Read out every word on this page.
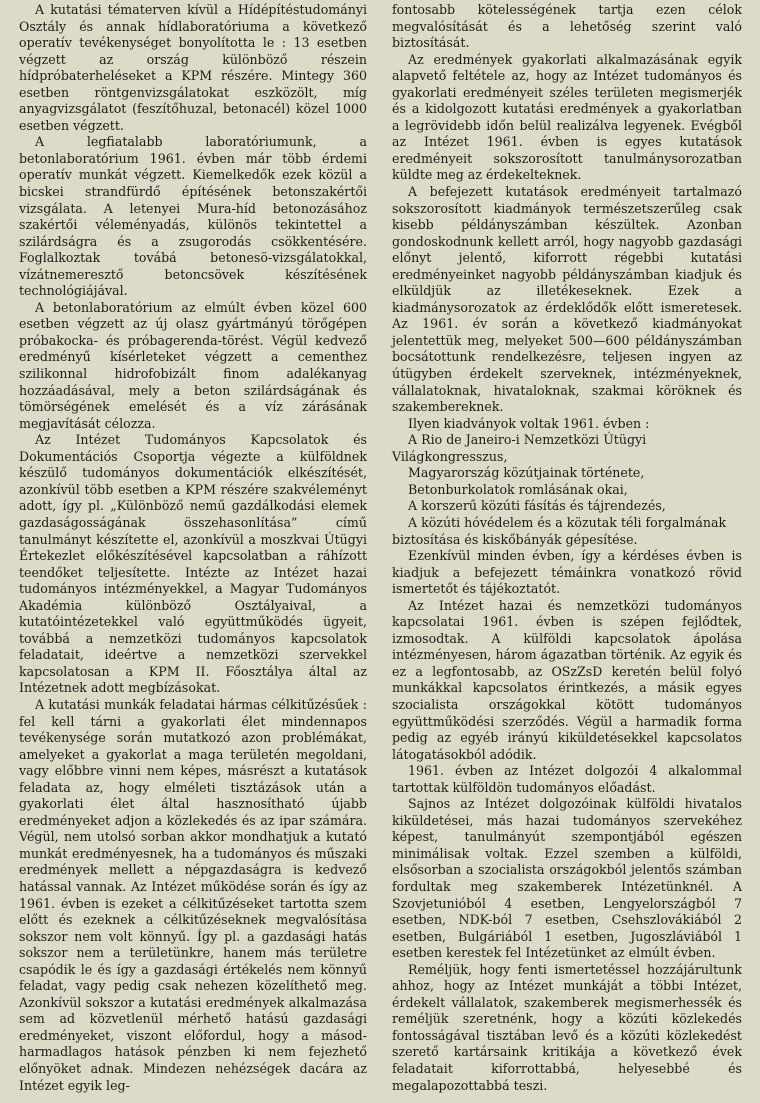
A kutatási tématerven kívül a Hídépítéstudományi Osztály és annak hídlaboratóriuma a következő operatív tevékenységet bonyolította le : 13 esetben végzett az ország különböző részein hídpróbaterheléseket a KPM részére. Mintegy 360 esetben röntgenvizsgálatokat eszközölt, míg anyagvizsgálatot (feszítőhuzal, betonacél) közel 1000 esetben végzett.

A legfiatalabb laboratóriumunk, a betonlaboratórium 1961. évben már több érdemi operatív munkát végzett. Kiemelkedők ezek közül a bicskei strandfürdő építésének betonszakértői vizsgálata. A letenyei Mura-híd betonozásához szakértői véleményadás, különös tekintettel a szilárdságra és a zsugorodás csökkentésére. Foglalkoztak továbá betonesö-vizsgálatokkal, vízátnemeresztő betoncsövek készítésének technológiájával.

A betonlaboratórium az elmúlt évben közel 600 esetben végzett az új olasz gyártmányú törőgépen próbakocka- és próbagerenda-törést. Végül kedvező eredményű kísérleteket végzett a cementhez szilikonnal hidrofobizált finom adalékanyag hozzáadásával, mely a beton szilárdságának és tömörségének emelését és a víz zárásának megjavítását célozza.

Az Intézet Tudományos Kapcsolatok és Dokumentációs Csoportja végezte a külföldnek készülő tudományos dokumentációk elkészítését, azonkívül több esetben a KPM részére szakvéleményt adott, így pl. „Különböző nemű gazdálkodási elemek gazdaságosságának összehasonlítása” című tanulmányt készítette el, azonkívül a moszkvai Útügyi Értekezlet előkészítésével kapcsolatban a ráhízott teendőket teljesítette. Intézte az Intézet hazai tudományos intézményekkel, a Magyar Tudományos Akadémia különböző Osztályaival, a kutatóintézetekkel való együttműködés ügyeit, továbbá a nemzetközi tudományos kapcsolatok feladatait, ideértve a nemzetközi szervekkel kapcsolatosan a KPM II. Főosztálya által az Intézetnek adott megbízásokat.

A kutatási munkák feladatai hármas célkitűzésűek : fel kell tárni a gyakorlati élet mindennapos tevékenysége során mutatkozó azon problémákat, amelyeket a gyakorlat a maga területén megoldani, vagy előbbre vinni nem képes, másrészt a kutatások feladata az, hogy elméleti tisztázások után a gyakorlati élet által hasznosítható újabb eredményeket adjon a közlekedés és az ipar számára. Végül, nem utolsó sorban akkor mondhatjuk a kutató munkát eredményesnek, ha a tudományos és műszaki eredmények mellett a népgazdaságra is kedvező hatással vannak. Az Intézet működése során és így az 1961. évben is ezeket a célkitűzéseket tartotta szem előtt és ezeknek a célkitűzéseknek megvalósítása sokszor nem volt könnyű. Így pl. a gazdasági hatás sokszor nem a területünkre, hanem más területre csapódik le és így a gazdasági értékelés nem könnyű feladat, vagy pedig csak nehezen közelíthető meg. Azonkívül sokszor a kutatási eredmények alkalmazása sem ad közvetlenül mérhető hatású gazdasági eredményeket, viszont előfordul, hogy a másod-harmadlagos hatások pénzben ki nem fejezhető előnyöket adnak. Mindezen nehézségek dacára az Intézet egyik leg-

fontosabb kötelességének tartja ezen célok megvalósítását és a lehetőség szerint való biztosítását.

Az eredmények gyakorlati alkalmazásának egyik alapvető feltétele az, hogy az Intézet tudományos és gyakorlati eredményeit széles területen megismerjék és a kidolgozott kutatási eredmények a gyakorlatban a legrövidebb időn belül realizálva legyenek. Evégből az Intézet 1961. évben is egyes kutatások eredményeit sokszorosított tanulmánysorozatban küldte meg az érdekelteknek.

A befejezett kutatások eredményeit tartalmazó sokszorosított kiadmányok természetszerűleg csak kisebb példányszámban készültek. Azonban gondoskodnunk kellett arról, hogy nagyobb gazdasági előnyt jelentő, kiforrott régebbi kutatási eredményeinket nagyobb példányszámban kiadjuk és elküldjük az illetékeseknek. Ezek a kiadmánysorozatok az érdeklődők előtt ismeretesek. Az 1961. év során a következő kiadmányokat jelentettük meg, melyeket 500—600 példányszámban bocsátottunk rendelkezésre, teljesen ingyen az útügyben érdekelt szerveknek, intézményeknek, vállalatoknak, hivataloknak, szakmai köröknek és szakembereknek.

Ilyen kiadványok voltak 1961. évben :

A Rio de Janeiro-i Nemzetközi Útügyi Világkongresszus,
Magyarország közútjainak története,
Betonburkolatok romlásának okai,
A korszerű közúti fásítás és tájrendezés,
A közúti hóvédelem és a közutak téli forgalmának biztosítása és kiskőbányák gépesítése.

Ezenkívül minden évben, így a kérdéses évben is kiadjuk a befejezett témáinkra vonatkozó rövid ismertetőt és tájékoztatót.

Az Intézet hazai és nemzetközi tudományos kapcsolatai 1961. évben is szépen fejlődtek, izmosodtak. A külföldi kapcsolatok ápolása intézményesen, három ágazatban történik. Az egyik és ez a legfontosabb, az OSzZsD keretén belül folyó munkákkal kapcsolatos érintkezés, a másik egyes szocialista országokkal kötött tudományos együttműködési szerződés. Végül a harmadik forma pedig az egyéb irányú kiküldetésekkel kapcsolatos látogatásokból adódik.

1961. évben az Intézet dolgozói 4 alkalommal tartottak külföldön tudományos előadást.

Sajnos az Intézet dolgozóinak külföldi hivatalos kiküldetései, más hazai tudományos szervekéhez képest, tanulmányút szempontjából egészen minimálisak voltak. Ezzel szemben a külföldi, elsősorban a szocialista országokból jelentős számban fordultak meg szakemberek Intézetünknél. A Szovjetunióból 4 esetben, Lengyelországból 7 esetben, NDK-ból 7 esetben, Csehszlovákiából 2 esetben, Bulgáriából 1 esetben, Jugoszláviából 1 esetben kerestek fel Intézetünket az elmúlt évben.

Reméljük, hogy fenti ismertetéssel hozzájárultunk ahhoz, hogy az Intézet munkáját a többi Intézet, érdekelt vállalatok, szakemberek megismerhessék és reméljük szeretnénk, hogy a közúti közlekedés fontosságával tisztában levő és a közúti közlekedést szerető kartársaink kritikája a következő évek feladatait kiforrottabbá, helyesebbé és megalapozottabbá teszi.
